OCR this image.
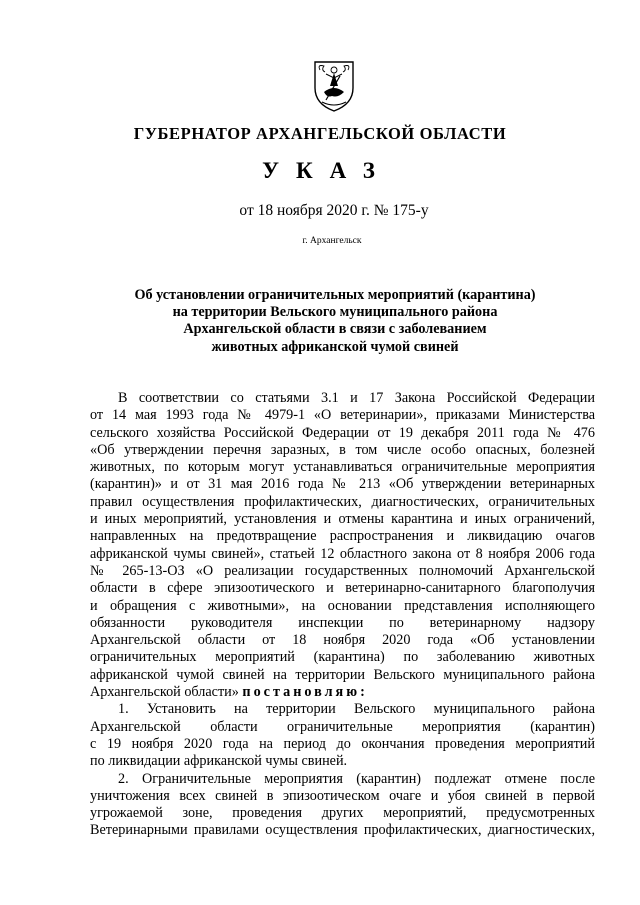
ГУБЕРНАТОР АРХАНГЕЛЬСКОЙ ОБЛАСТИ
УКАЗ
от 18 ноября 2020 г. № 175-у
г. Архангельск
Об установлении ограничительных мероприятий (карантина)
на территории Вельского муниципального района
Архангельской области в связи с заболеванием
животных африканской чумой свиней
В соответствии со статьями 3.1 и 17 Закона Российской Федерации
от 14 мая 1993 года № 4979-1 «О ветеринарии», приказами Министерства
сельского хозяйства Российской Федерации от 19 декабря 2011 года № 476
«Об утверждении перечня заразных, в том числе особо опасных, болезней
животных, по которым могут устанавливаться ограничительные мероприятия
(карантин)» и от 31 мая 2016 года № 213 «Об утверждении ветеринарных
правил осуществления профилактических, диагностических, ограничительных
и иных мероприятий, установления и отмены карантина и иных ограничений,
направленных на предотвращение распространения и ликвидацию очагов
африканской чумы свиней», статьей 12 областного закона от 8 ноября 2006 года
№ 265-13-ОЗ «О реализации государственных полномочий Архангельской
области в сфере эпизоотического и ветеринарно-санитарного благополучия
и обращения с животными», на основании представления исполняющего
обязанности руководителя инспекции по ветеринарному надзору
Архангельской области от 18 ноября 2020 года «Об установлении
ограничительных мероприятий (карантина) по заболеванию животных
африканской чумой свиней на территории Вельского муниципального района
Архангельской области» постановляю:
1. Установить на территории Вельского муниципального района
Архангельской области ограничительные мероприятия (карантин)
с 19 ноября 2020 года на период до окончания проведения мероприятий
по ликвидации африканской чумы свиней.
2. Ограничительные мероприятия (карантин) подлежат отмене после
уничтожения всех свиней в эпизоотическом очаге и убоя свиней в первой
угрожаемой зоне, проведения других мероприятий, предусмотренных
Ветеринарными правилами осуществления профилактических, диагностических,
